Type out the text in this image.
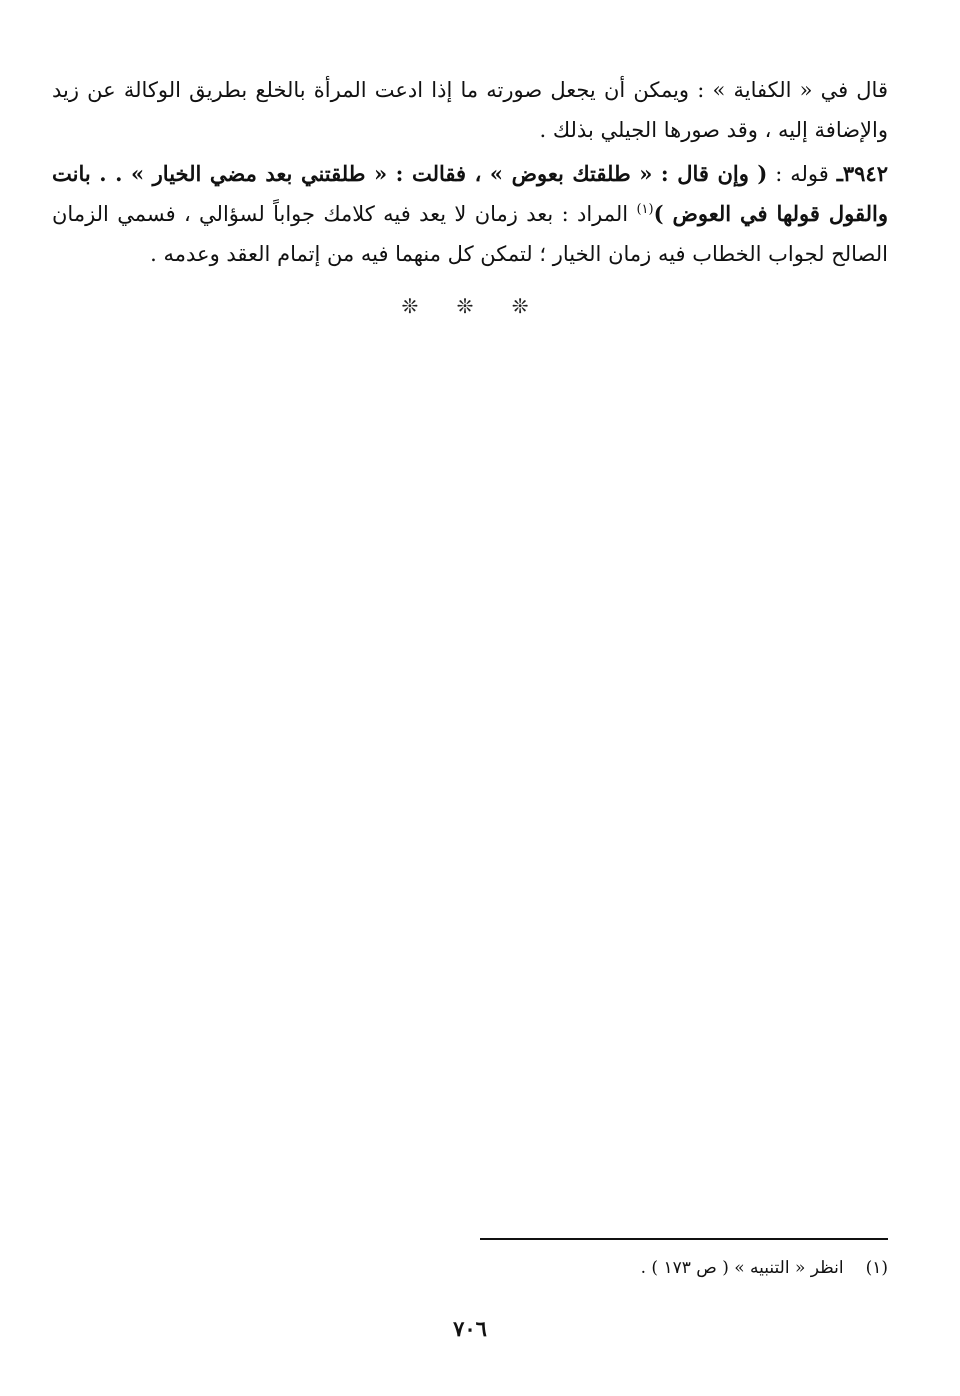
قال في « الكفاية » : ويمكن أن يجعل صورته ما إذا ادعت المرأة بالخلع بطريق الوكالة عن زيد والإضافة إليه ، وقد صورها الجيلي بذلك .

٣٩٤٢ـ قوله : ( وإن قال : « طلقتك بعوض » ، فقالت : « طلقتني بعد مضي الخيار » . . بانت والقول قولها في العوض )$^{(١)}$ المراد : بعد زمان لا يعد فيه كلامك جواباً لسؤالي ، فسمي الزمان الصالح لجواب الخطاب فيه زمان الخيار ؛ لتمكن كل منهما فيه من إتمام العقد وعدمه .

❊ ❊ ❊
(١)انظر « التنبيه » ( ص ١٧٣ ) .
٧٠٦
